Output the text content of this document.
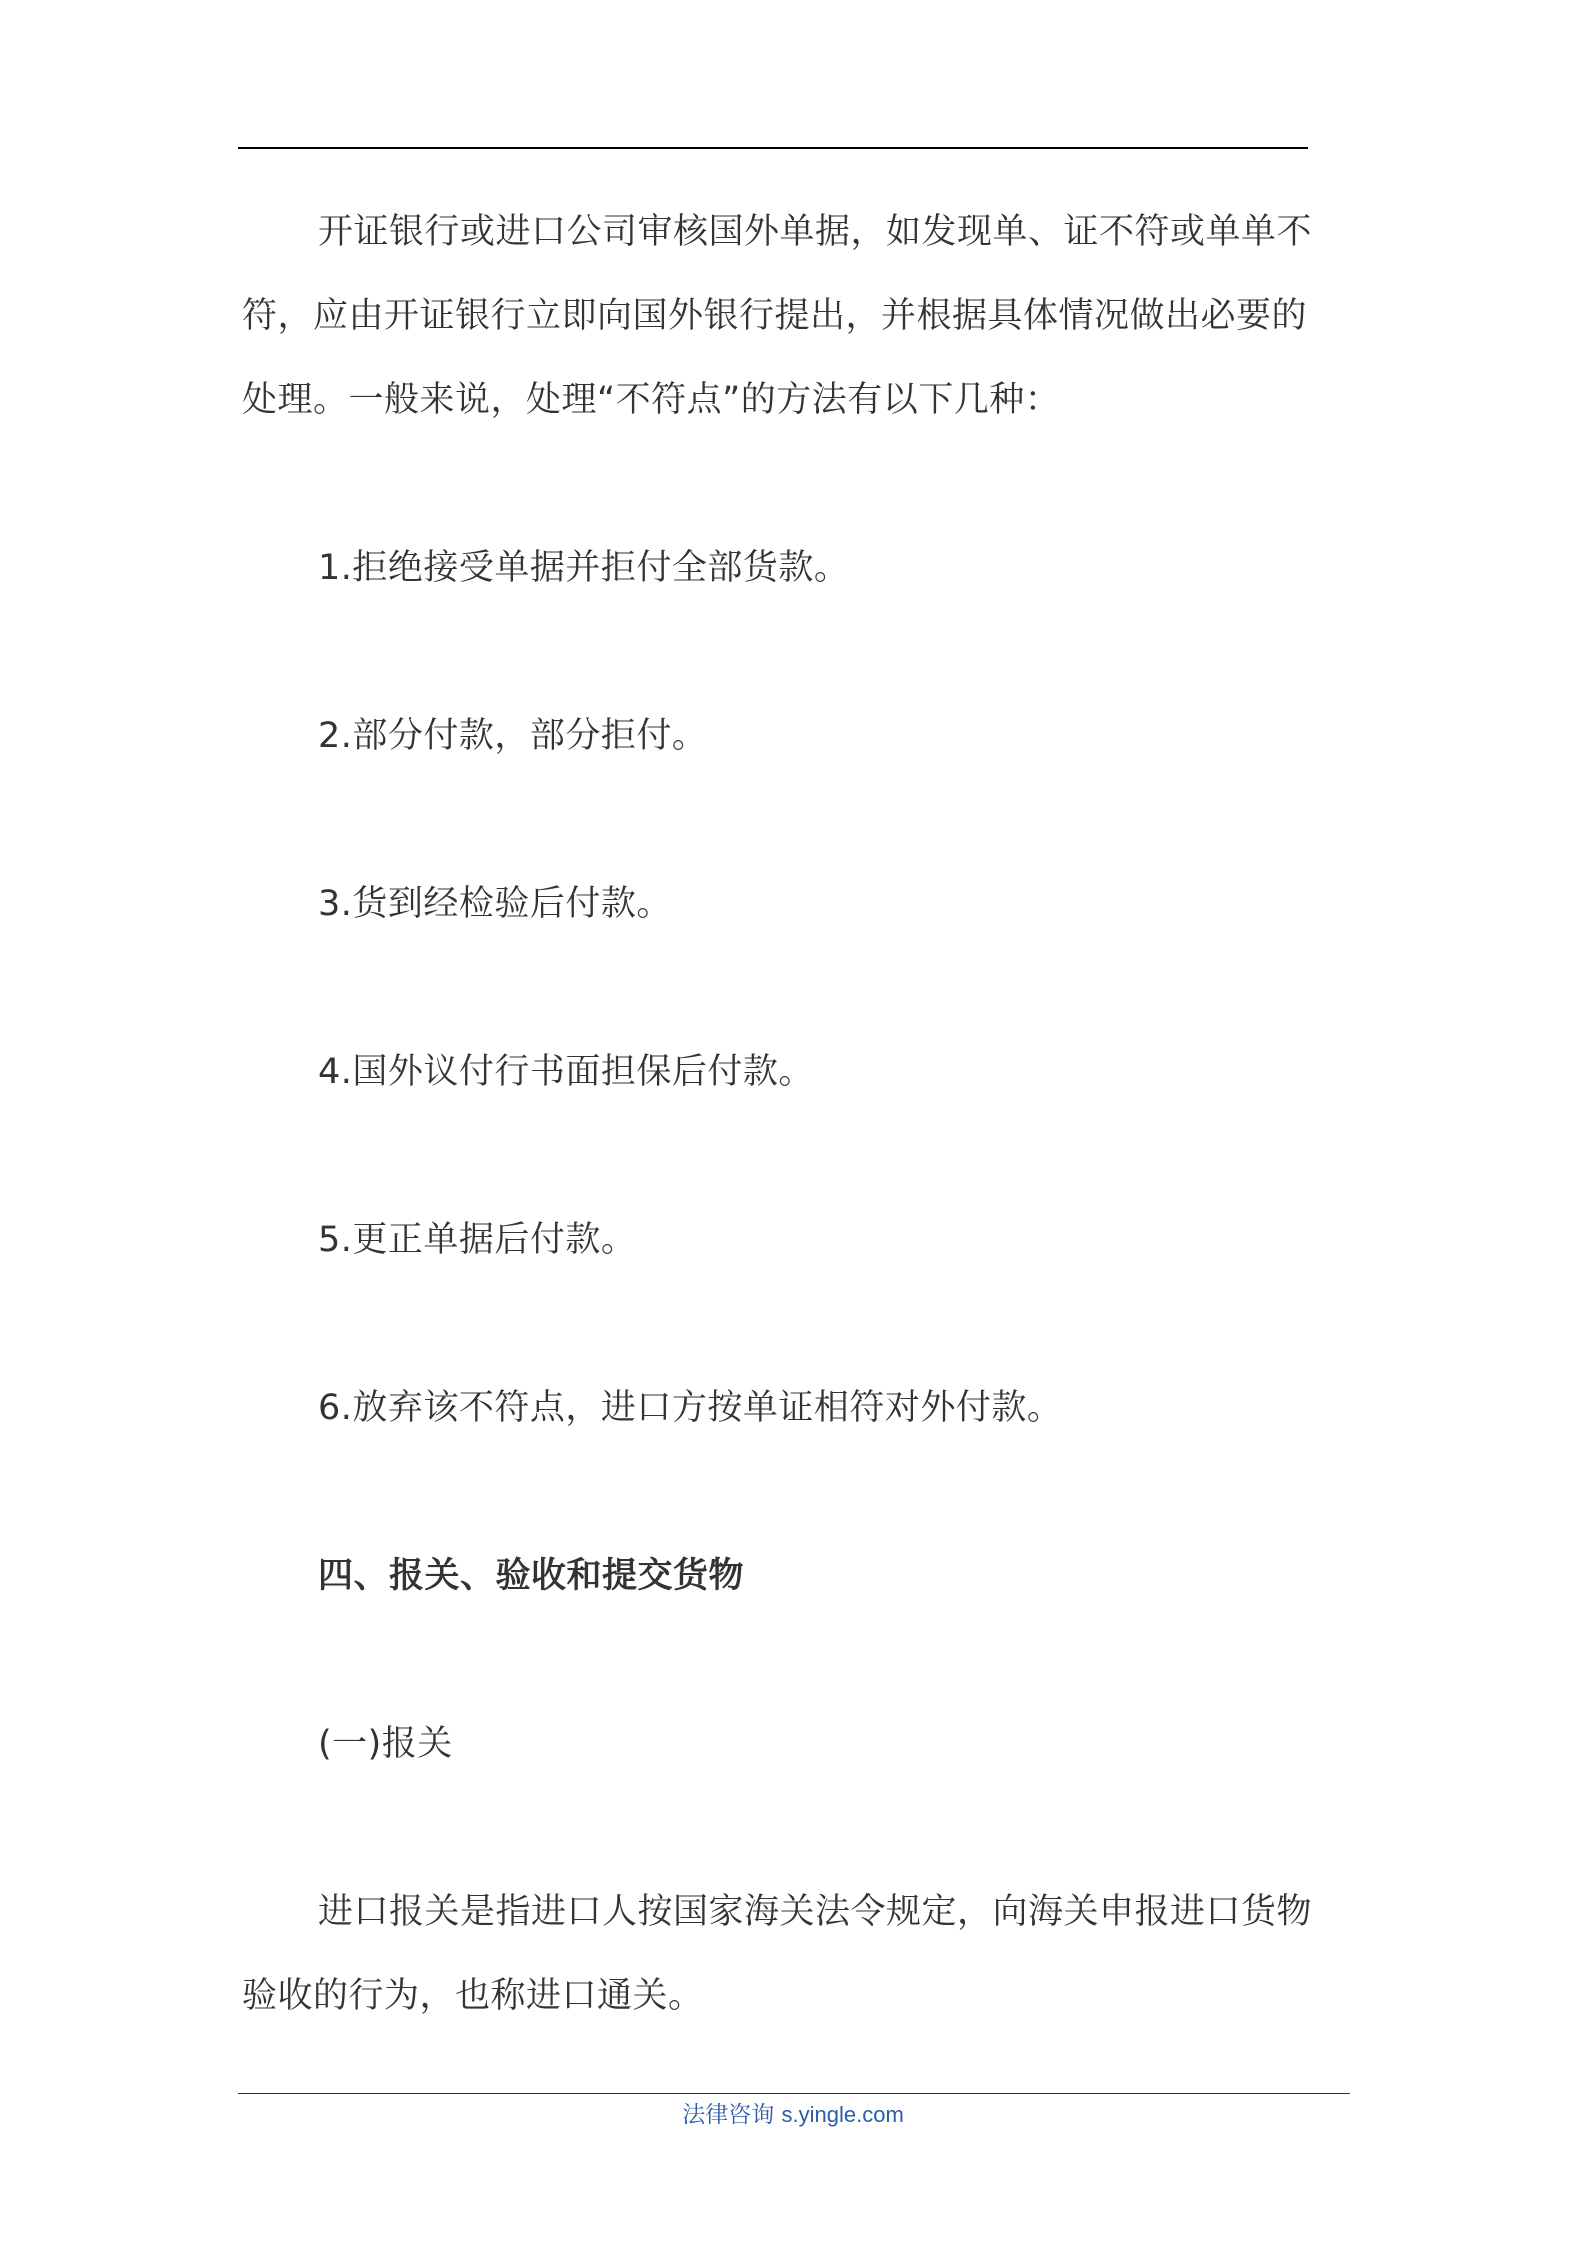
开证银行或进口公司审核国外单据，如发现单、证不符或单单不符，应由开证银行立即向国外银行提出，并根据具体情况做出必要的处理。一般来说，处理“不符点”的方法有以下几种：

1.拒绝接受单据并拒付全部货款。

2.部分付款，部分拒付。

3.货到经检验后付款。

4.国外议付行书面担保后付款。

5.更正单据后付款。

6.放弃该不符点，进口方按单证相符对外付款。

四、报关、验收和提交货物

(一)报关

进口报关是指进口人按国家海关法令规定，向海关申报进口货物验收的行为，也称进口通关。

法律咨询 s.yingle.com
